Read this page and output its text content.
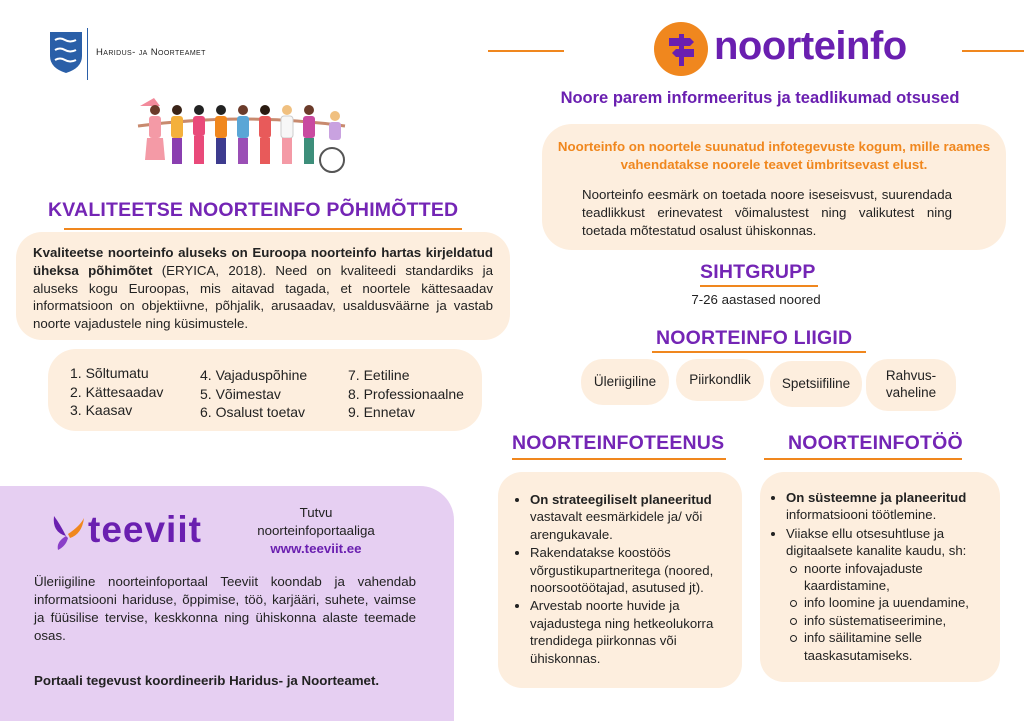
Haridus- ja Noorteamet	noorteinfo
Noore parem informeeritus ja teadlikumad otsused
KVALITEETSE NOORTEINFO PÕHIMÕTTED

Kvaliteetse noorteinfo aluseks on Euroopa noorteinfo hartas kirjeldatud üheksa põhimõtet (ERYICA, 2018). Need on kvaliteedi standardiks ja aluseks kogu Euroopas, mis aitavad tagada, et noortele kättesaadav informatsioon on objektiivne, põhjalik, arusaadav, usaldusväärne ja vastab noorte vajadustele ning küsimustele.

1. Sõltumatu
2. Kättesaadav
3. Kaasav
4. Vajaduspõhine
5. Võimestav
6. Osalust toetav
7. Eetiline
8. Professionaalne
9. Ennetav

Noorteinfo on noortele suunatud infotegevuste kogum, mille raames vahendatakse noorele teavet ümbritsevast elust.

Noorteinfo eesmärk on toetada noore iseseisvust, suurendada teadlikkust erinevatest võimalustest ning valikutest ning toetada mõtestatud osalust ühiskonnas.

SIHTGRUPP
7-26 aastased noored
NOORTEINFO LIIGID
Üleriigiline	Piirkondlik	Spetsiifiline	Rahvus-
vaheline
NOORTEINFOTEENUS
• On strateegiliselt planeeritud vastavalt eesmärkidele ja/ või arengukavale.
• Rakendatakse koostöös võrgustikupartneritega (noored, noorsootöötajad, asutused jt).
• Arvestab noorte huvide ja vajadustega ning hetkeolukorra trendidega piirkonnas või ühiskonnas.
NOORTEINFOTÖÖ
• On süsteemne ja planeeritud informatsiooni töötlemine.
• Viiakse ellu otsesuhtluse ja digitaalsete kanalite kaudu, sh:
noorte infovajaduste kaardistamine,
info loomine ja uuendamine,
info süstematiseerimine,
info säilitamine selle taaskasutamiseks.
teeviit	Tutvu
noorteinfoportaaliga
www.teeviit.ee

Üleriigiline noorteinfoportaal Teeviit koondab ja vahendab informatsiooni hariduse, õppimise, töö, karjääri, suhete, vaimse ja füüsilise tervise, keskkonna ning ühiskonna alaste teemade osas.

Portaali tegevust koordineerib Haridus- ja Noorteamet.
